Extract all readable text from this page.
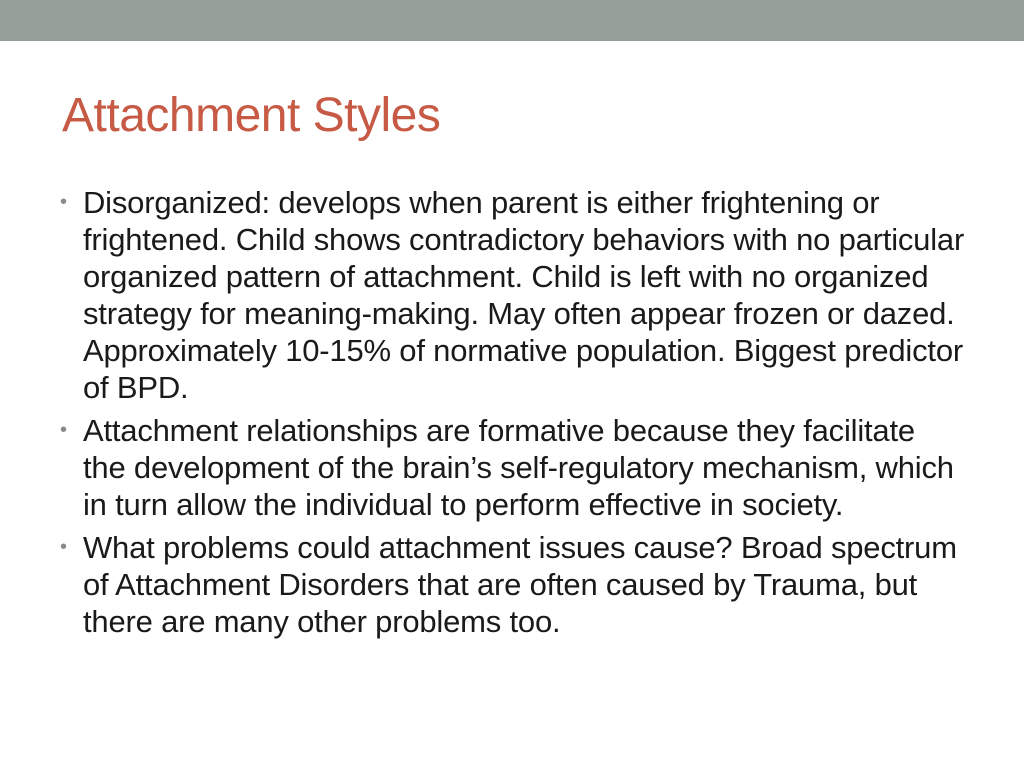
Attachment Styles
• Disorganized: develops when parent is either frightening or frightened. Child shows contradictory behaviors with no particular organized pattern of attachment. Child is left with no organized strategy for meaning-making. May often appear frozen or dazed. Approximately 10-15% of normative population. Biggest predictor of BPD.
• Attachment relationships are formative because they facilitate the development of the brain’s self-regulatory mechanism, which in turn allow the individual to perform effective in society.
• What problems could attachment issues cause? Broad spectrum of Attachment Disorders that are often caused by Trauma, but there are many other problems too.
